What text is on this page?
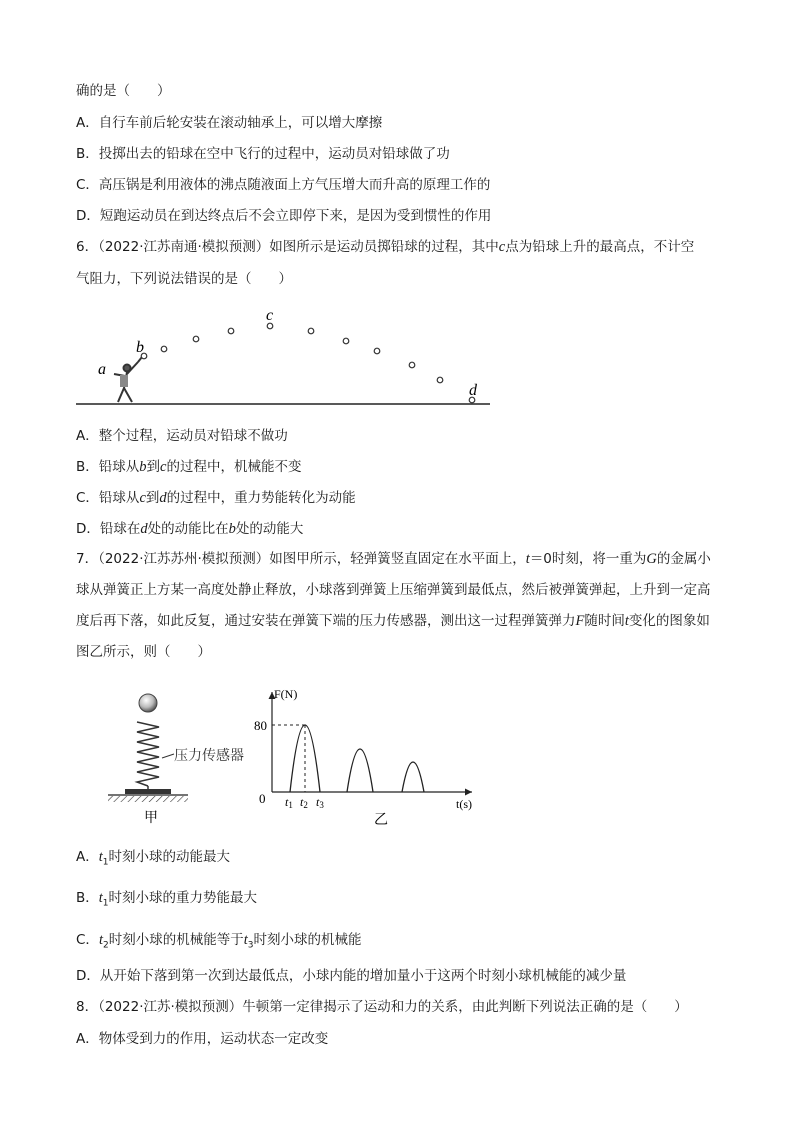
确的是（　　）
A．自行车前后轮安装在滚动轴承上，可以增大摩擦
B．投掷出去的铅球在空中飞行的过程中，运动员对铅球做了功
C．高压锅是利用液体的沸点随液面上方气压增大而升高的原理工作的
D．短跑运动员在到达终点后不会立即停下来，是因为受到惯性的作用
6．（2022·江苏南通·模拟预测）如图所示是运动员掷铅球的过程，其中c点为铅球上升的最高点，不计空
气阻力，下列说法错误的是（　　）
a
b
c
d
A．整个过程，运动员对铅球不做功
B．铅球从b到c的过程中，机械能不变
C．铅球从c到d的过程中，重力势能转化为动能
D．铅球在d处的动能比在b处的动能大
7．（2022·江苏苏州·模拟预测）如图甲所示，轻弹簧竖直固定在水平面上，t＝0时刻，将一重为G的金属小球从弹簧正上方某一高度处静止释放，小球落到弹簧上压缩弹簧到最低点，然后被弹簧弹起，上升到一定高度后再下落，如此反复，通过安装在弹簧下端的压力传感器，测出这一过程弹簧弹力F随时间t变化的图象如图乙所示，则（　　）
压力传感器
甲
F(N)
t(s)
0
80
t1 t2 t3
乙
A．$t_1$时刻小球的动能最大
B．$t_1$时刻小球的重力势能最大
C．$t_2$时刻小球的机械能等于$t_3$时刻小球的机械能
D．从开始下落到第一次到达最低点，小球内能的增加量小于这两个时刻小球机械能的减少量
8．（2022·江苏·模拟预测）牛顿第一定律揭示了运动和力的关系，由此判断下列说法正确的是（　　）
A．物体受到力的作用，运动状态一定改变
